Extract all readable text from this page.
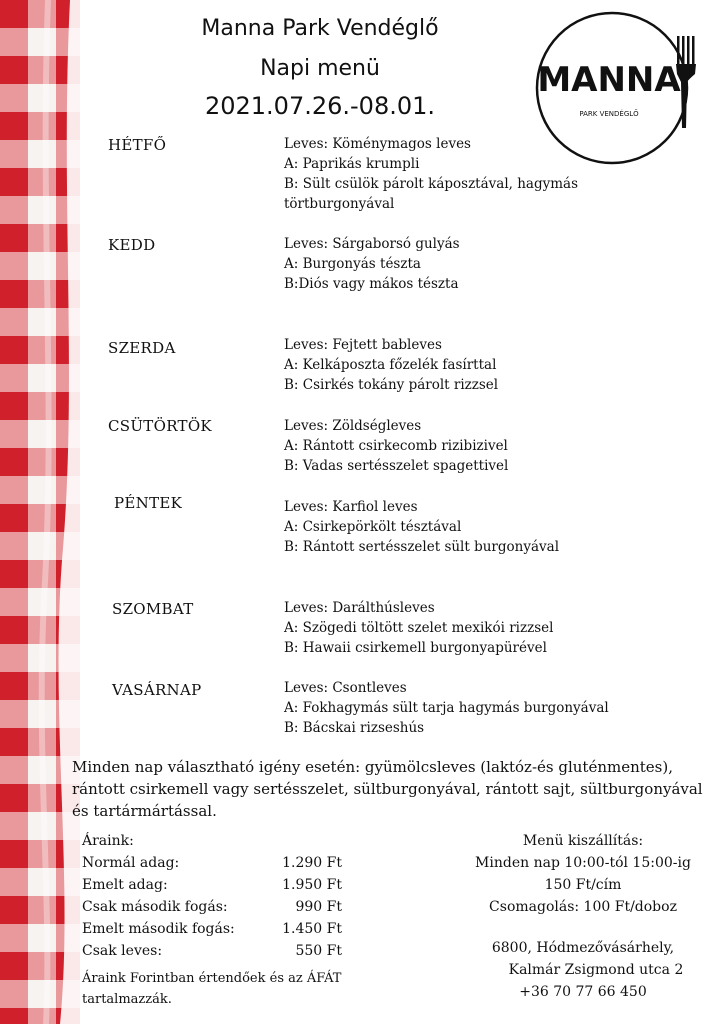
Manna Park Vendéglő
Napi menü
2021.07.26.-08.01.
MANNA
PARK VENDÉGLŐ
HÉTFŐ	Leves: Köménymagos leves
A: Paprikás krumpli
B: Sült csülök párolt káposztával, hagymás
törtburgonyával
KEDD	Leves: Sárgaborsó gulyás
A: Burgonyás tészta
B:Diós vagy mákos tészta
SZERDA	Leves: Fejtett bableves
A: Kelkáposzta főzelék fasírttal
B: Csirkés tokány párolt rizzsel
CSÜTÖRTÖK	Leves: Zöldségleves
A: Rántott csirkecomb rizibizivel
B: Vadas sertésszelet spagettivel
PÉNTEK	Leves: Karfiol leves
A: Csirkepörkölt tésztával
B: Rántott sertésszelet sült burgonyával
SZOMBAT	Leves: Darálthúsleves
A: Szögedi töltött szelet mexikói rizzsel
B: Hawaii csirkemell burgonyapürével
VASÁRNAP	Leves: Csontleves
A: Fokhagymás sült tarja hagymás burgonyával
B: Bácskai rizseshús
Minden nap választható igény esetén: gyümölcsleves (laktóz-és gluténmentes), rántott csirkemell vagy sertésszelet, sültburgonyával, rántott sajt, sültburgonyával és tartármártással.
Áraink:
Normál adag:	1.290 Ft
Emelt adag:	1.950 Ft
Csak második fogás:	990 Ft
Emelt második fogás:	1.450 Ft
Csak leves:	550 Ft
Áraink Forintban értendőek és az ÁFÁT tartalmazzák.
Menü kiszállítás:
Minden nap 10:00-tól 15:00-ig
150 Ft/cím
Csomagolás: 100 Ft/doboz
6800, Hódmezővásárhely,
Kalmár Zsigmond utca 2
+36 70 77 66 450
